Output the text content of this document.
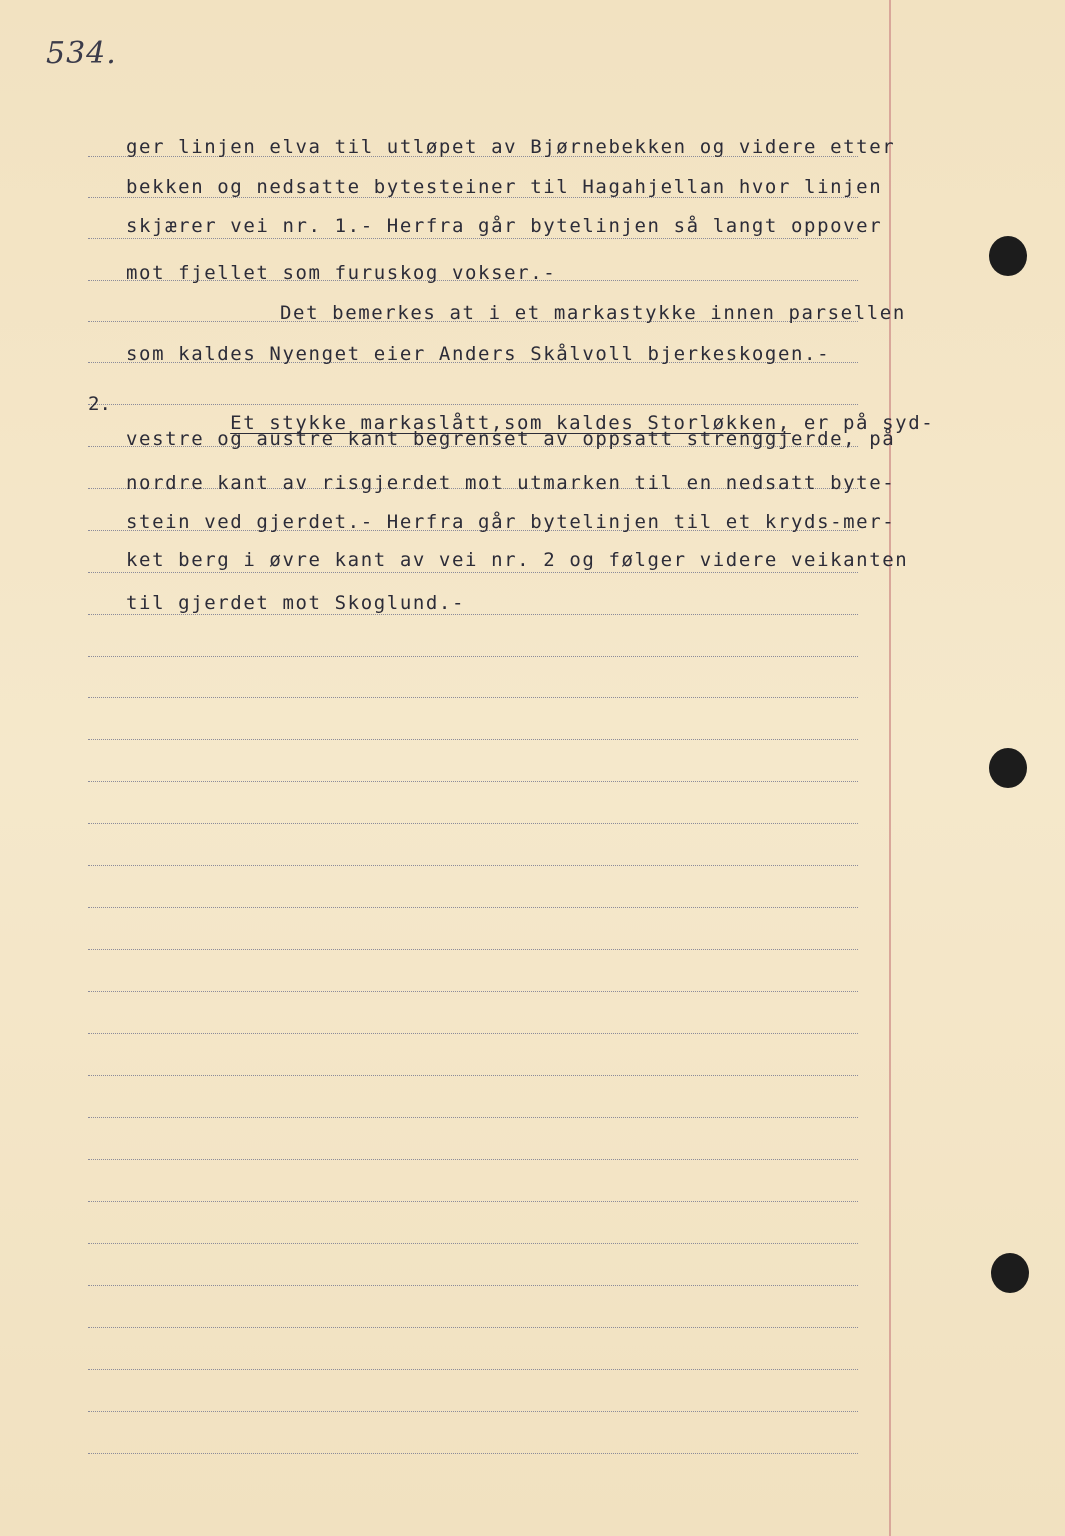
534.
ger linjen elva til utløpet av Bjørnebekken og videre etter
bekken og nedsatte bytesteiner til Hagahjellan hvor linjen
skjærer vei nr. 1.- Herfra går bytelinjen så langt oppover
mot fjellet som furuskog vokser.-
Det bemerkes at i et markastykke innen parsellen
som kaldes Nyenget eier Anders Skålvoll bjerkeskogen.-
2.

Et stykke markaslått,som kaldes Storløkken, er på syd-

vestre og austre kant begrenset av oppsatt strenggjerde, på
nordre kant av risgjerdet mot utmarken til en nedsatt byte-
stein ved gjerdet.- Herfra går bytelinjen til et kryds-mer-
ket berg i øvre kant av vei nr. 2 og følger videre veikanten
til gjerdet mot Skoglund.-
